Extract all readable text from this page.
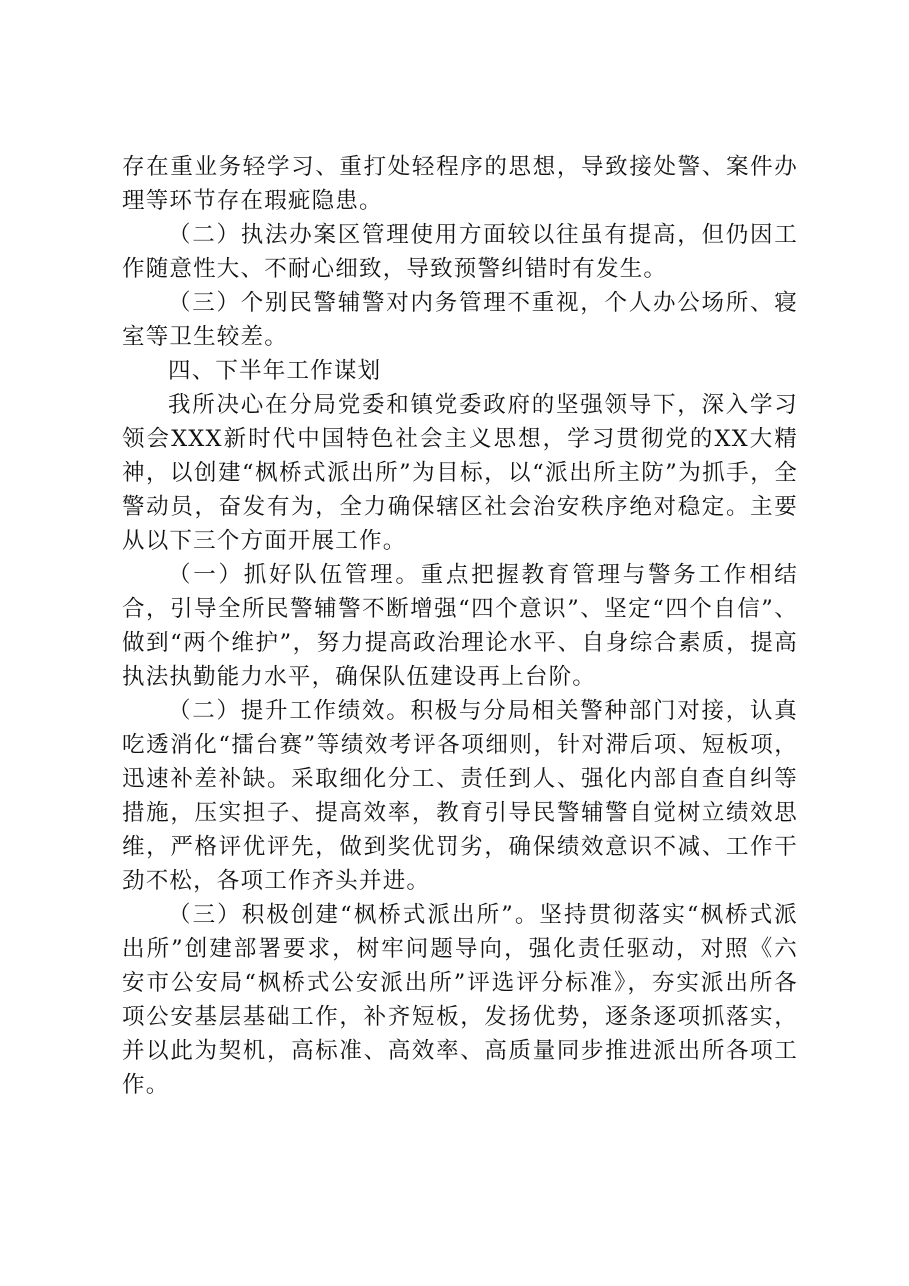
存在重业务轻学习、重打处轻程序的思想，导致接处警、案件办理等环节存在瑕疵隐患。

（二）执法办案区管理使用方面较以往虽有提高，但仍因工作随意性大、不耐心细致，导致预警纠错时有发生。

（三）个别民警辅警对内务管理不重视，个人办公场所、寝室等卫生较差。

四、下半年工作谋划

我所决心在分局党委和镇党委政府的坚强领导下，深入学习领会XXX新时代中国特色社会主义思想，学习贯彻党的XX大精神，以创建“枫桥式派出所”为目标，以“派出所主防”为抓手，全警动员，奋发有为，全力确保辖区社会治安秩序绝对稳定。主要从以下三个方面开展工作。

（一）抓好队伍管理。重点把握教育管理与警务工作相结合，引导全所民警辅警不断增强“四个意识”、坚定“四个自信”、做到“两个维护”，努力提高政治理论水平、自身综合素质，提高执法执勤能力水平，确保队伍建设再上台阶。

（二）提升工作绩效。积极与分局相关警种部门对接，认真吃透消化“擂台赛”等绩效考评各项细则，针对滞后项、短板项，迅速补差补缺。采取细化分工、责任到人、强化内部自查自纠等措施，压实担子、提高效率，教育引导民警辅警自觉树立绩效思维，严格评优评先，做到奖优罚劣，确保绩效意识不减、工作干劲不松，各项工作齐头并进。

（三）积极创建“枫桥式派出所”。坚持贯彻落实“枫桥式派出所”创建部署要求，树牢问题导向，强化责任驱动，对照《六安市公安局“枫桥式公安派出所”评选评分标准》，夯实派出所各项公安基层基础工作，补齐短板，发扬优势，逐条逐项抓落实，并以此为契机，高标准、高效率、高质量同步推进派出所各项工作。
